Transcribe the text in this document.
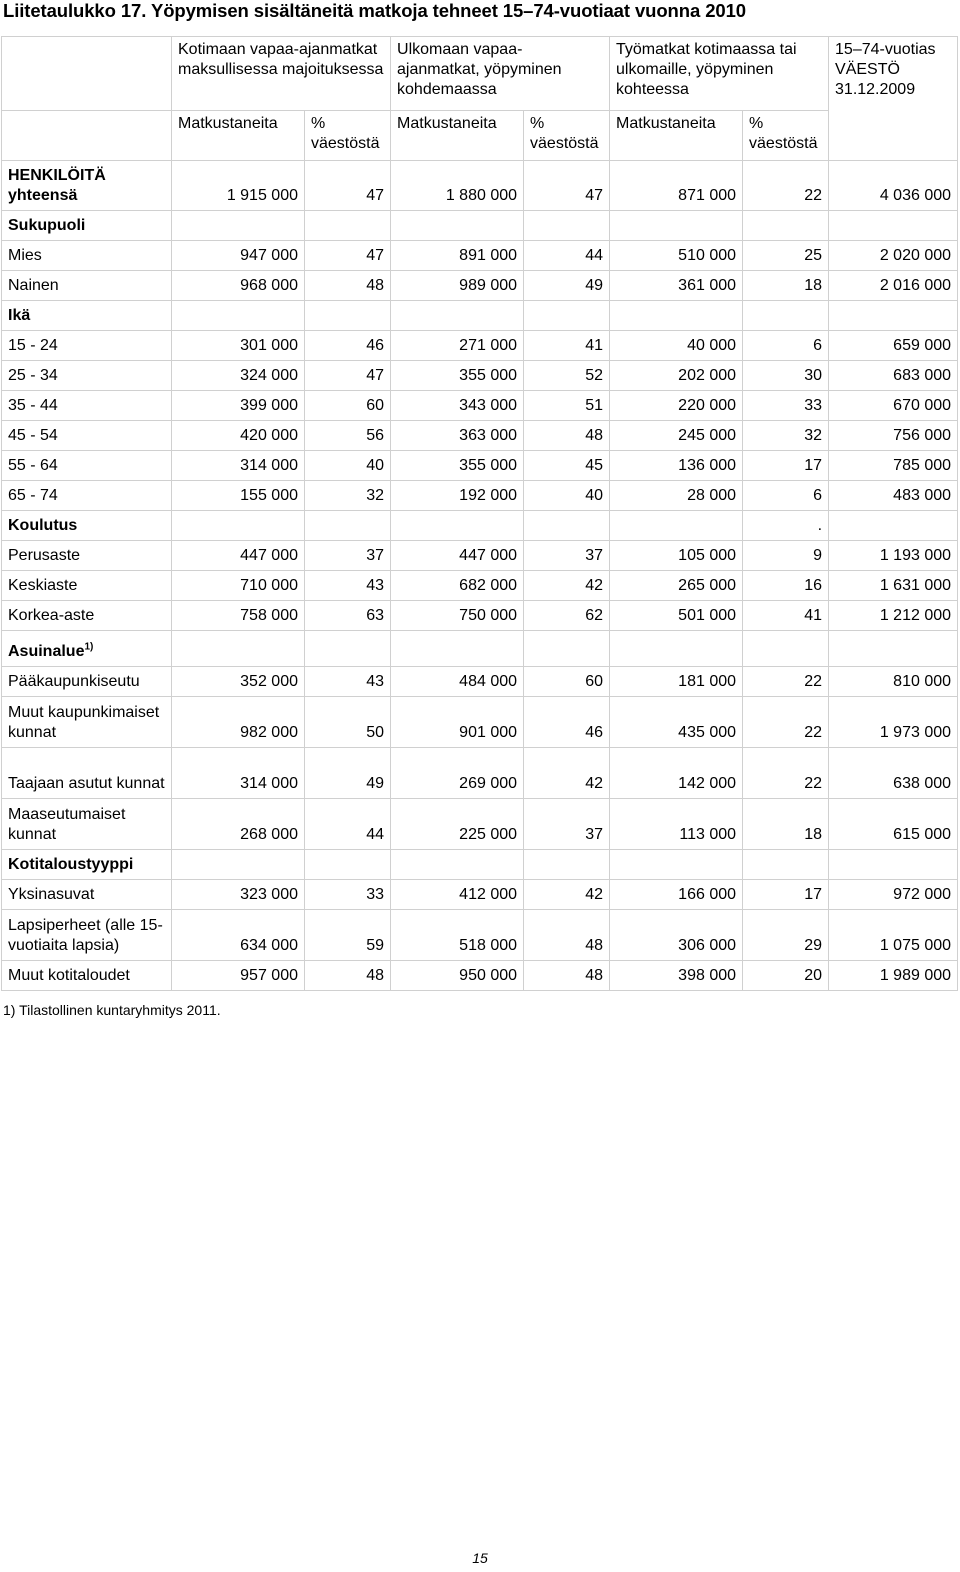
Liitetaulukko 17. Yöpymisen sisältäneitä matkoja tehneet 15–74-vuotiaat vuonna 2010
	Kotimaan vapaa-ajanmatkat maksullisessa majoituksessa		Ulkomaan vapaa-ajanmatkat, yöpyminen kohdemaassa		Työmatkat kotimaassa tai ulkomaille, yöpyminen kohteessa		15–74-vuotias VÄESTÖ 31.12.2009
	Matkustaneita	% väestöstä	Matkustaneita	% väestöstä	Matkustaneita	% väestöstä	
HENKILÖITÄ yhteensä	1 915 000	47	1 880 000	47	871 000	22	4 036 000
Sukupuoli							
Mies	947 000	47	891 000	44	510 000	25	2 020 000
Nainen	968 000	48	989 000	49	361 000	18	2 016 000
Ikä							
15 - 24	301 000	46	271 000	41	40 000	6	659 000
25 - 34	324 000	47	355 000	52	202 000	30	683 000
35 - 44	399 000	60	343 000	51	220 000	33	670 000
45 - 54	420 000	56	363 000	48	245 000	32	756 000
55 - 64	314 000	40	355 000	45	136 000	17	785 000
65 - 74	155 000	32	192 000	40	28 000	6	483 000
Koulutus						.	
Perusaste	447 000	37	447 000	37	105 000	9	1 193 000
Keskiaste	710 000	43	682 000	42	265 000	16	1 631 000
Korkea-aste	758 000	63	750 000	62	501 000	41	1 212 000
Asuinalue$^{1)}$							
Pääkaupunkiseutu	352 000	43	484 000	60	181 000	22	810 000
Muut kaupunkimaiset kunnat	982 000	50	901 000	46	435 000	22	1 973 000
Taajaan asutut kunnat	314 000	49	269 000	42	142 000	22	638 000
Maaseutumaiset kunnat	268 000	44	225 000	37	113 000	18	615 000
Kotitaloustyyppi							
Yksinasuvat	323 000	33	412 000	42	166 000	17	972 000
Lapsiperheet (alle 15-vuotiaita lapsia)	634 000	59	518 000	48	306 000	29	1 075 000
Muut kotitaloudet	957 000	48	950 000	48	398 000	20	1 989 000
1) Tilastollinen kuntaryhmitys 2011.
15
